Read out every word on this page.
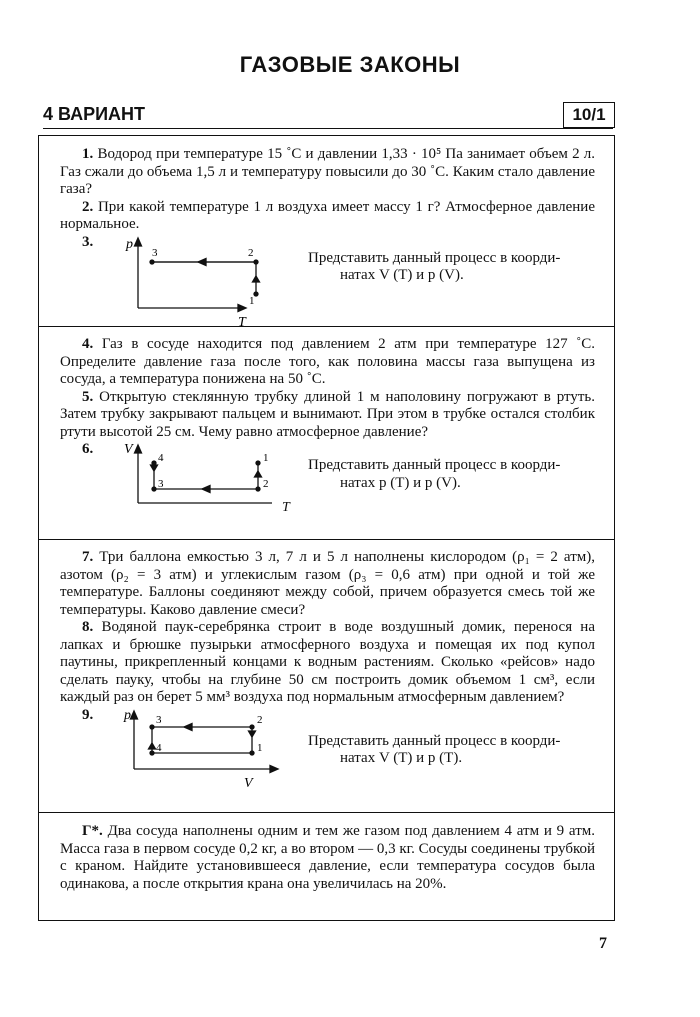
ГАЗОВЫЕ ЗАКОНЫ
4 ВАРИАНТ	10/1

1. Водород при температуре 15 ˚С и давлении 1,33 · 10⁵ Па занимает объем 2 л. Газ сжали до объема 1,5 л и температуру повысили до 30 ˚С. Каким стало давление газа?

2. При какой температуре 1 л воздуха имеет массу 1 г? Атмосферное давление нормальное.

3. p
T
2
3
1
Представить данный процесс в коорди-
натах V (T) и p (V).

4. Газ в сосуде находится под давлением 2 атм при температуре 127 ˚С. Определите давление газа после того, как половина массы газа выпущена из сосуда, а температура понижена на 50 ˚С.

5. Открытую стеклянную трубку длиной 1 м наполовину погружают в ртуть. Затем трубку закрывают пальцем и вынимают. При этом в трубке остался столбик ртути высотой 25 см. Чему равно атмосферное давление?

6. V
4
3
1
2
T
Представить данный процесс в коорди-
натах p (T) и p (V).

7. Три баллона емкостью 3 л, 7 л и 5 л наполнены кислородом (ρ₁ = 2 атм), азотом (ρ₂ = 3 атм) и углекислым газом (ρ₃ = 0,6 атм) при одной и той же температуре. Баллоны соединяют между собой, причем образуется смесь той же температуры. Каково давление смеси?

8. Водяной паук-серебрянка строит в воде воздушный домик, перенося на лапках и брюшке пузырьки атмосферного воздуха и помещая их под купол паутины, прикрепленный концами к водным растениям. Сколько «рейсов» надо сделать пауку, чтобы на глубине 50 см построить домик объемом 1 см³, если каждый раз он берет 5 мм³ воздуха под нормальным атмосферным давлением?

9. p 3	2
4	1
V
Представить данный процесс в коорди-
натах V (T) и p (T).

Г*. Два сосуда наполнены одним и тем же газом под давлением 4 атм и 9 атм. Масса газа в первом сосуде 0,2 кг, а во втором — 0,3 кг. Сосуды соединены трубкой с краном. Найдите установившееся давление, если температура сосудов была одинакова, а после открытия крана она увеличилась на 20%.

7
